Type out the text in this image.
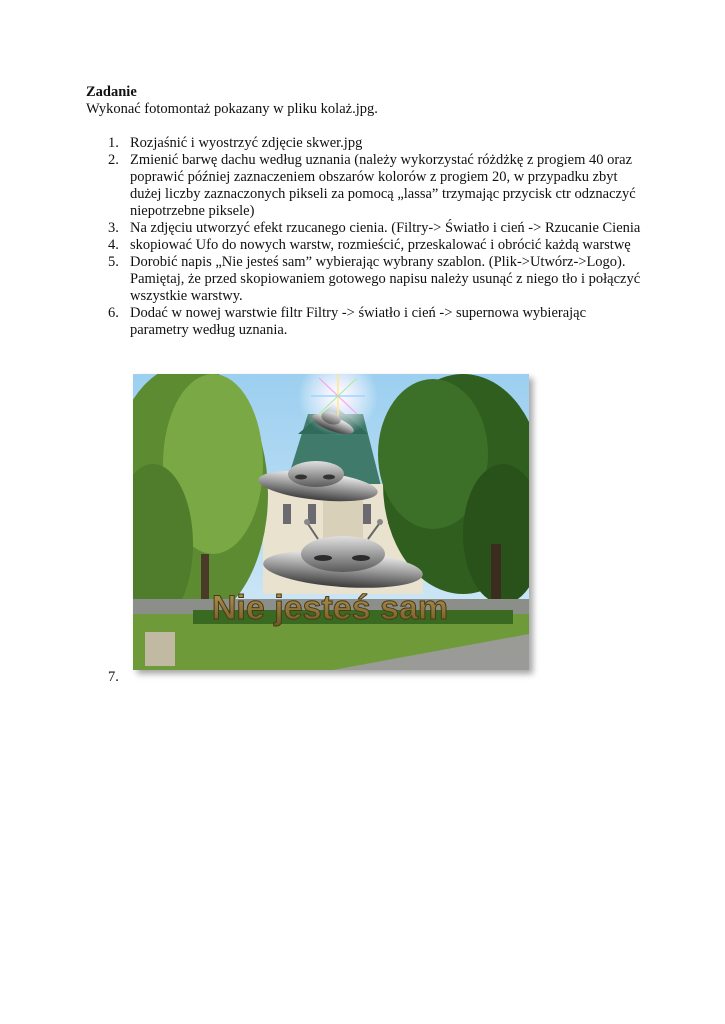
Zadanie
Wykonać fotomontaż pokazany w pliku kolaż.jpg.
1. Rozjaśnić i wyostrzyć zdjęcie skwer.jpg
2. Zmienić barwę dachu według uznania (należy wykorzystać różdżkę z progiem 40 oraz poprawić później zaznaczeniem obszarów kolorów z progiem 20, w przypadku zbyt dużej liczby zaznaczonych pikseli za pomocą „lassa” trzymając przycisk ctr odznaczyć niepotrzebne piksele)
3. Na zdjęciu utworzyć efekt rzucanego cienia. (Filtry-> Światło i cień -> Rzucanie Cienia
4. skopiować Ufo do nowych warstw, rozmieścić, przeskalować i obrócić każdą warstwę
5. Dorobić napis „Nie jesteś sam” wybierając wybrany szablon. (Plik->Utwórz->Logo). Pamiętaj, że przed skopiowaniem gotowego napisu należy usunąć z niego tło i połączyć wszystkie warstwy.
6. Dodać w nowej warstwie filtr Filtry -> światło i cień -> supernowa wybierając parametry według uznania.
Nie jesteś sam
7.
